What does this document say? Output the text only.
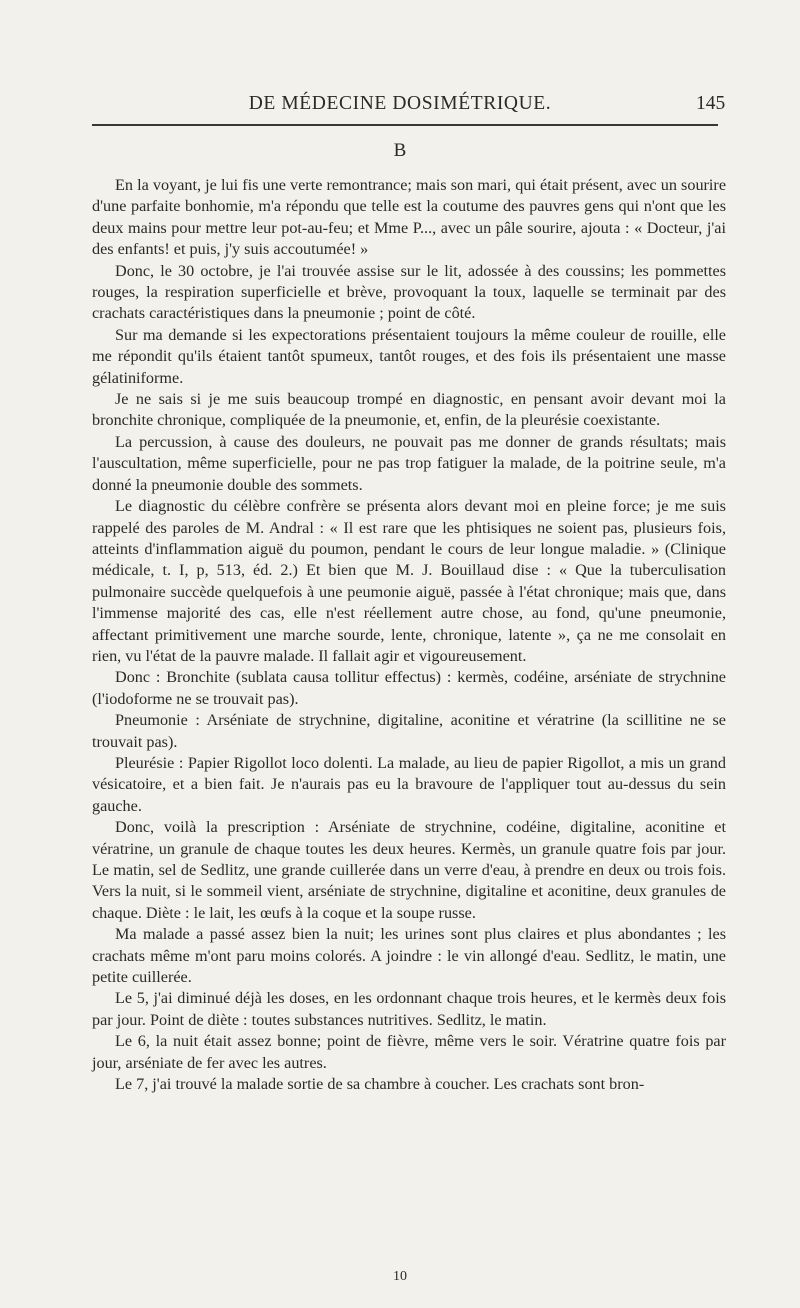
DE MÉDECINE DOSIMÉTRIQUE.	145
B

En la voyant, je lui fis une verte remontrance; mais son mari, qui était présent, avec un sourire d'une parfaite bonhomie, m'a répondu que telle est la coutume des pauvres gens qui n'ont que les deux mains pour mettre leur pot-au-feu; et Mme P..., avec un pâle sourire, ajouta : « Docteur, j'ai des enfants! et puis, j'y suis accoutumée! »

Donc, le 30 octobre, je l'ai trouvée assise sur le lit, adossée à des coussins; les pommettes rouges, la respiration superficielle et brève, provoquant la toux, laquelle se terminait par des crachats caractéristiques dans la pneumonie ; point de côté.

Sur ma demande si les expectorations présentaient toujours la même couleur de rouille, elle me répondit qu'ils étaient tantôt spumeux, tantôt rouges, et des fois ils présentaient une masse gélatiniforme.

Je ne sais si je me suis beaucoup trompé en diagnostic, en pensant avoir devant moi la bronchite chronique, compliquée de la pneumonie, et, enfin, de la pleurésie coexistante.

La percussion, à cause des douleurs, ne pouvait pas me donner de grands résultats; mais l'auscultation, même superficielle, pour ne pas trop fatiguer la malade, de la poitrine seule, m'a donné la pneumonie double des sommets.

Le diagnostic du célèbre confrère se présenta alors devant moi en pleine force; je me suis rappelé des paroles de M. Andral : « Il est rare que les phtisiques ne soient pas, plusieurs fois, atteints d'inflammation aiguë du poumon, pendant le cours de leur longue maladie. » (Clinique médicale, t. I, p, 513, éd. 2.) Et bien que M. J. Bouillaud dise : « Que la tuberculisation pulmonaire succède quelquefois à une peumonie aiguë, passée à l'état chronique; mais que, dans l'immense majorité des cas, elle n'est réellement autre chose, au fond, qu'une pneumonie, affectant primitivement une marche sourde, lente, chronique, latente », ça ne me consolait en rien, vu l'état de la pauvre malade. Il fallait agir et vigoureusement.

Donc : Bronchite (sublata causa tollitur effectus) : kermès, codéine, arséniate de strychnine (l'iodoforme ne se trouvait pas).

Pneumonie : Arséniate de strychnine, digitaline, aconitine et vératrine (la scillitine ne se trouvait pas).

Pleurésie : Papier Rigollot loco dolenti. La malade, au lieu de papier Rigollot, a mis un grand vésicatoire, et a bien fait. Je n'aurais pas eu la bravoure de l'appliquer tout au-dessus du sein gauche.

Donc, voilà la prescription : Arséniate de strychnine, codéine, digitaline, aconitine et vératrine, un granule de chaque toutes les deux heures. Kermès, un granule quatre fois par jour. Le matin, sel de Sedlitz, une grande cuillerée dans un verre d'eau, à prendre en deux ou trois fois. Vers la nuit, si le sommeil vient, arséniate de strychnine, digitaline et aconitine, deux granules de chaque. Diète : le lait, les œufs à la coque et la soupe russe.

Ma malade a passé assez bien la nuit; les urines sont plus claires et plus abondantes ; les crachats même m'ont paru moins colorés. A joindre : le vin allongé d'eau. Sedlitz, le matin, une petite cuillerée.

Le 5, j'ai diminué déjà les doses, en les ordonnant chaque trois heures, et le kermès deux fois par jour. Point de diète : toutes substances nutritives. Sedlitz, le matin.

Le 6, la nuit était assez bonne; point de fièvre, même vers le soir. Vératrine quatre fois par jour, arséniate de fer avec les autres.

Le 7, j'ai trouvé la malade sortie de sa chambre à coucher. Les crachats sont bron-

10
